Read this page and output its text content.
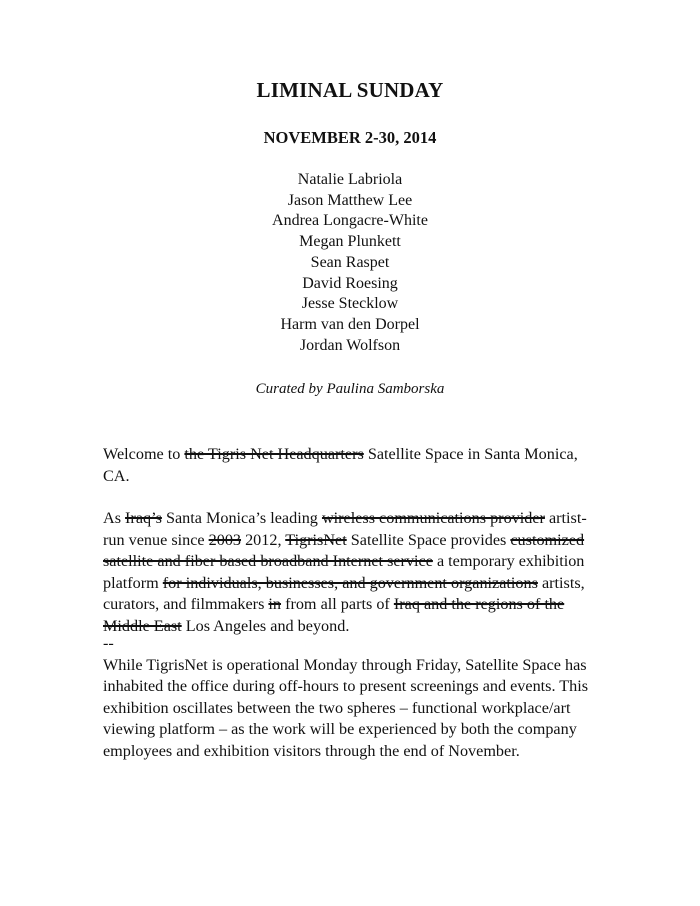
LIMINAL SUNDAY
NOVEMBER 2-30, 2014
Natalie Labriola
Jason Matthew Lee
Andrea Longacre-White
Megan Plunkett
Sean Raspet
David Roesing
Jesse Stecklow
Harm van den Dorpel
Jordan Wolfson
Curated by Paulina Samborska
Welcome to the Tigris Net Headquarters Satellite Space in Santa Monica, CA.
As Iraq’s Santa Monica’s leading wireless communications provider artist-run venue since 2003 2012, TigrisNet Satellite Space provides customized satellite and fiber based broadband Internet service a temporary exhibition platform for individuals, businesses, and government organizations artists, curators, and filmmakers in from all parts of Iraq and the regions of the Middle East Los Angeles and beyond.
--
While TigrisNet is operational Monday through Friday, Satellite Space has inhabited the office during off-hours to present screenings and events. This exhibition oscillates between the two spheres – functional workplace/art viewing platform – as the work will be experienced by both the company employees and exhibition visitors through the end of November.
